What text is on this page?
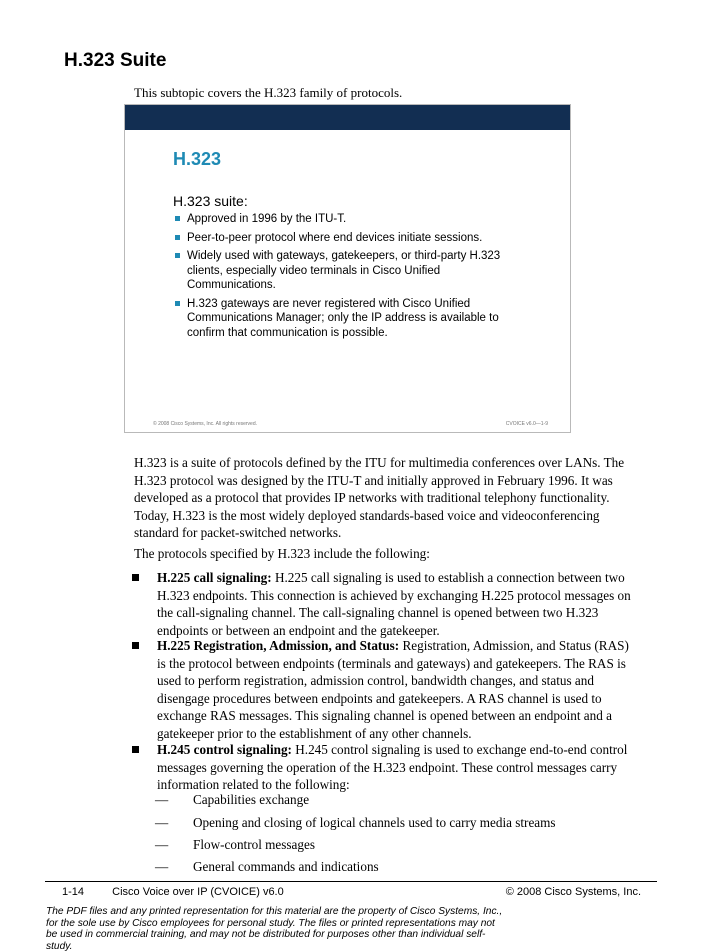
H.323 Suite
This subtopic covers the H.323 family of protocols.
H.323
H.323 suite:
Approved in 1996 by the ITU-T.
Peer-to-peer protocol where end devices initiate sessions.
Widely used with gateways, gatekeepers, or third-party H.323 clients, especially video terminals in Cisco Unified Communications.
H.323 gateways are never registered with Cisco Unified Communications Manager; only the IP address is available to confirm that communication is possible.
© 2008 Cisco Systems, Inc. All rights reserved.	CVOICE v6.0—1-9
H.323 is a suite of protocols defined by the ITU for multimedia conferences over LANs. The H.323 protocol was designed by the ITU-T and initially approved in February 1996. It was developed as a protocol that provides IP networks with traditional telephony functionality. Today, H.323 is the most widely deployed standards-based voice and videoconferencing standard for packet-switched networks.
The protocols specified by H.323 include the following:
H.225 call signaling: H.225 call signaling is used to establish a connection between two H.323 endpoints. This connection is achieved by exchanging H.225 protocol messages on the call-signaling channel. The call-signaling channel is opened between two H.323 endpoints or between an endpoint and the gatekeeper.
H.225 Registration, Admission, and Status: Registration, Admission, and Status (RAS) is the protocol between endpoints (terminals and gateways) and gatekeepers. The RAS is used to perform registration, admission control, bandwidth changes, and status and disengage procedures between endpoints and gatekeepers. A RAS channel is used to exchange RAS messages. This signaling channel is opened between an endpoint and a gatekeeper prior to the establishment of any other channels.
H.245 control signaling: H.245 control signaling is used to exchange end-to-end control messages governing the operation of the H.323 endpoint. These control messages carry information related to the following:
— Capabilities exchange
— Opening and closing of logical channels used to carry media streams
— Flow-control messages
— General commands and indications
1-14	Cisco Voice over IP (CVOICE) v6.0	© 2008 Cisco Systems, Inc.
The PDF files and any printed representation for this material are the property of Cisco Systems, Inc., for the sole use by Cisco employees for personal study. The files or printed representations may not be used in commercial training, and may not be distributed for purposes other than individual self-study.
